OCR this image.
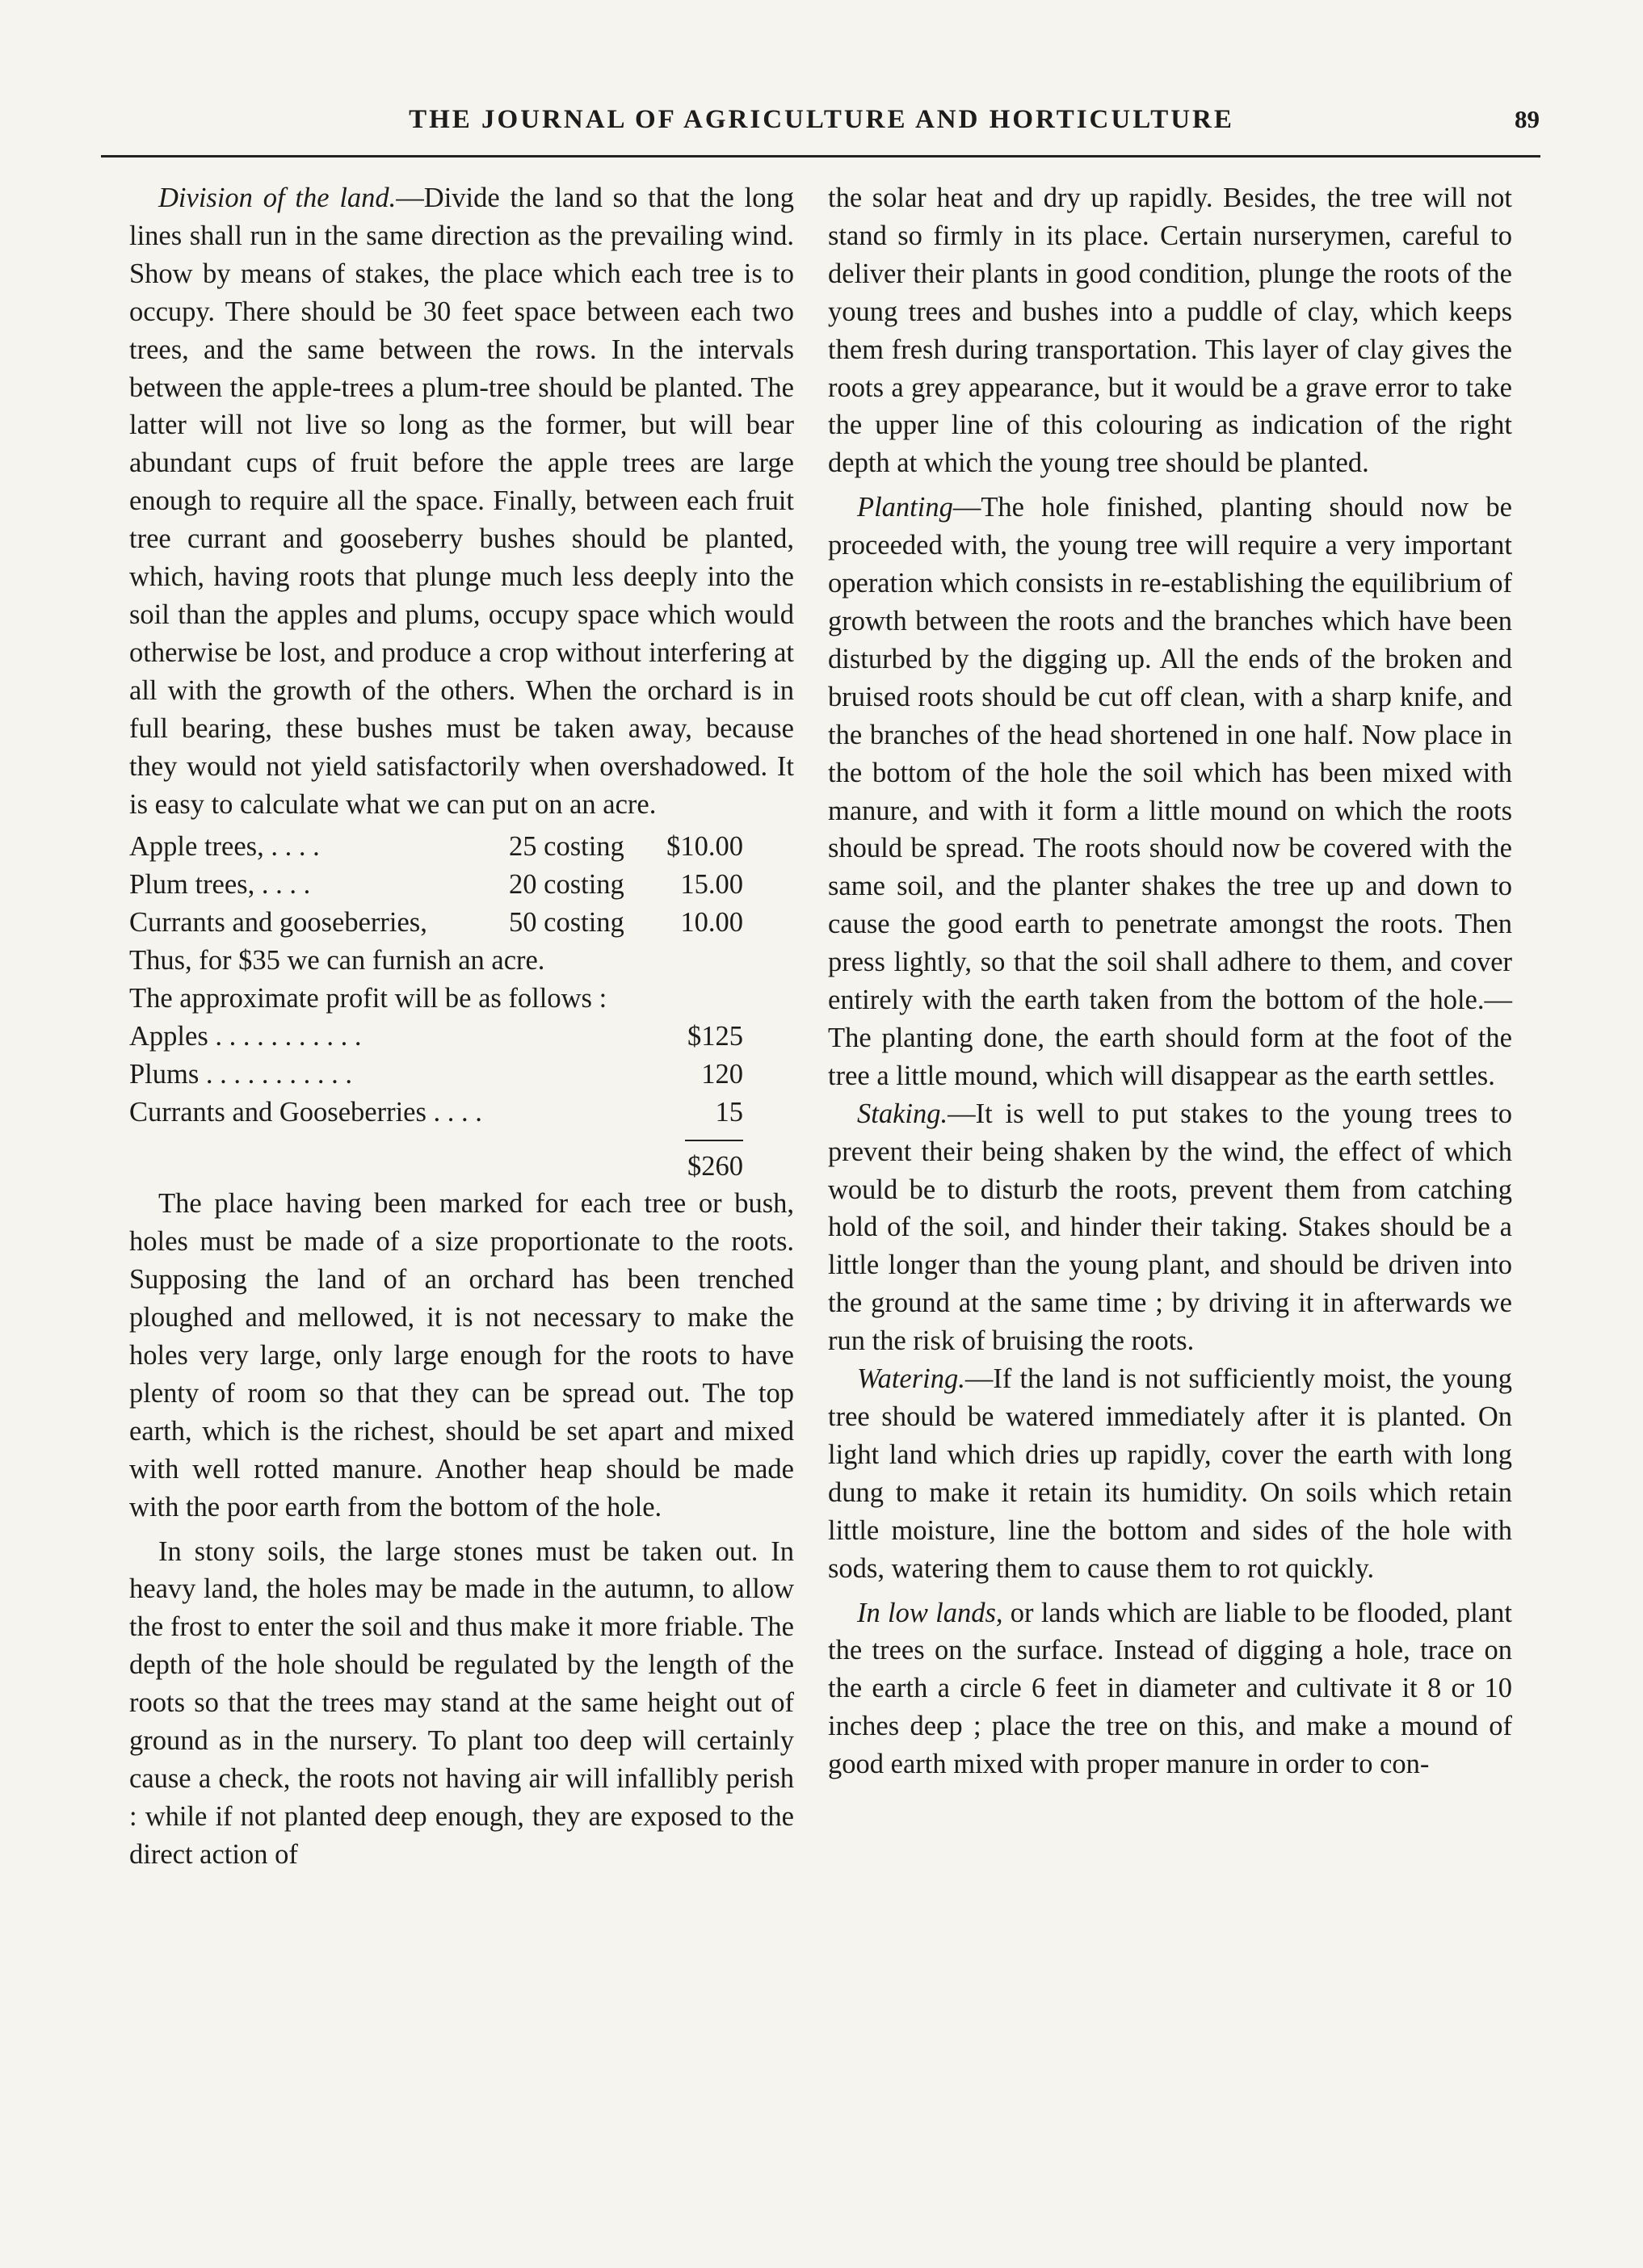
THE JOURNAL OF AGRICULTURE AND HORTICULTURE	89

Division of the land.—Divide the land so that the long lines shall run in the same direction as the prevailing wind. Show by means of stakes, the place which each tree is to occupy. There should be 30 feet space between each two trees, and the same between the rows. In the intervals between the apple-trees a plum-tree should be planted. The latter will not live so long as the former, but will bear abundant cups of fruit before the apple trees are large enough to require all the space. Finally, between each fruit tree currant and gooseberry bushes should be planted, which, having roots that plunge much less deeply into the soil than the apples and plums, occupy space which would otherwise be lost, and produce a crop without interfering at all with the growth of the others. When the orchard is in full bearing, these bushes must be taken away, because they would not yield satisfactorily when overshadowed. It is easy to calculate what we can put on an acre.

Apple trees, . . . .	25 costing	$10.00
Plum trees, . . . .	20 costing	15.00
Currants and gooseberries,	50 costing	10.00
Thus, for $35 we can furnish an acre.
The approximate profit will be as follows :
Apples . . . . . . . . . . .	$125
Plums . . . . . . . . . . .	120
Currants and Gooseberries . . . .	15
$260

The place having been marked for each tree or bush, holes must be made of a size proportionate to the roots. Supposing the land of an orchard has been trenched ploughed and mellowed, it is not necessary to make the holes very large, only large enough for the roots to have plenty of room so that they can be spread out. The top earth, which is the richest, should be set apart and mixed with well rotted manure. Another heap should be made with the poor earth from the bottom of the hole.

In stony soils, the large stones must be taken out. In heavy land, the holes may be made in the autumn, to allow the frost to enter the soil and thus make it more friable. The depth of the hole should be regulated by the length of the roots so that the trees may stand at the same height out of ground as in the nursery. To plant too deep will certainly cause a check, the roots not having air will infallibly perish : while if not planted deep enough, they are exposed to the direct action of

the solar heat and dry up rapidly. Besides, the tree will not stand so firmly in its place. Certain nurserymen, careful to deliver their plants in good condition, plunge the roots of the young trees and bushes into a puddle of clay, which keeps them fresh during transportation. This layer of clay gives the roots a grey appearance, but it would be a grave error to take the upper line of this colouring as indication of the right depth at which the young tree should be planted.

Planting—The hole finished, planting should now be proceeded with, the young tree will require a very important operation which consists in re-establishing the equilibrium of growth between the roots and the branches which have been disturbed by the digging up. All the ends of the broken and bruised roots should be cut off clean, with a sharp knife, and the branches of the head shortened in one half. Now place in the bottom of the hole the soil which has been mixed with manure, and with it form a little mound on which the roots should be spread. The roots should now be covered with the same soil, and the planter shakes the tree up and down to cause the good earth to penetrate amongst the roots. Then press lightly, so that the soil shall adhere to them, and cover entirely with the earth taken from the bottom of the hole.—The planting done, the earth should form at the foot of the tree a little mound, which will disappear as the earth settles.

Staking.—It is well to put stakes to the young trees to prevent their being shaken by the wind, the effect of which would be to disturb the roots, prevent them from catching hold of the soil, and hinder their taking. Stakes should be a little longer than the young plant, and should be driven into the ground at the same time ; by driving it in afterwards we run the risk of bruising the roots.

Watering.—If the land is not sufficiently moist, the young tree should be watered immediately after it is planted. On light land which dries up rapidly, cover the earth with long dung to make it retain its humidity. On soils which retain little moisture, line the bottom and sides of the hole with sods, watering them to cause them to rot quickly.

In low lands, or lands which are liable to be flooded, plant the trees on the surface. Instead of digging a hole, trace on the earth a circle 6 feet in diameter and cultivate it 8 or 10 inches deep ; place the tree on this, and make a mound of good earth mixed with proper manure in order to con-
